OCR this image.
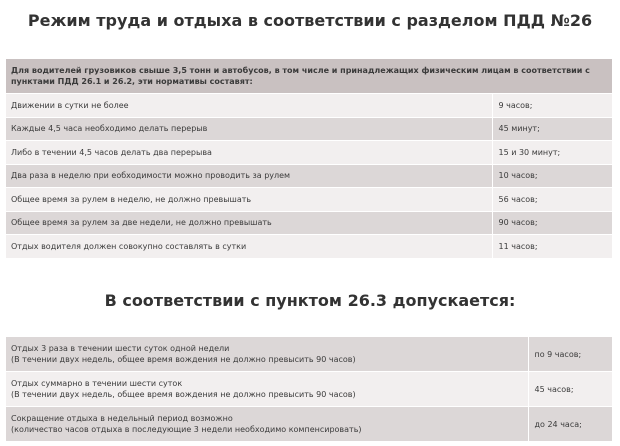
Режим труда и отдыха в соответствии с разделом ПДД №26
Для водителей грузовиков свыше 3,5 тонн и автобусов, в том числе и принадлежащих физическим лицам в соответствии с пунктами ПДД 26.1 и 26.2, эти нормативы составят:	
Движении в сутки не более	9 часов;
Каждые 4,5 часа необходимо делать перерыв	45 минут;
Либо в течении 4,5 часов делать два перерыва	15 и 30 минут;
Два раза в неделю при еобходимости можно проводить за рулем	10 часов;
Общее время за рулем в неделю, не должно превышать	56 часов;
Общее время за рулем за две недели, не должно превышать	90 часов;
Отдых водителя должен совокупно составлять в сутки	11 часов;
В соответствии с пунктом 26.3 допускается:
Отдых 3 раза в течении шести суток одной недели
(В течении двух недель, общее время вождения не должно превысить 90 часов)	по 9 часов;

Отдых суммарно в течении шести суток
(В течении двух недель, общее время вождения не должно превысить 90 часов)	45 часов;

Сокращение отдыха в недельный период возможно
(количество часов отдыха в последующие 3 недели необходимо компенсировать)	до 24 часа;
